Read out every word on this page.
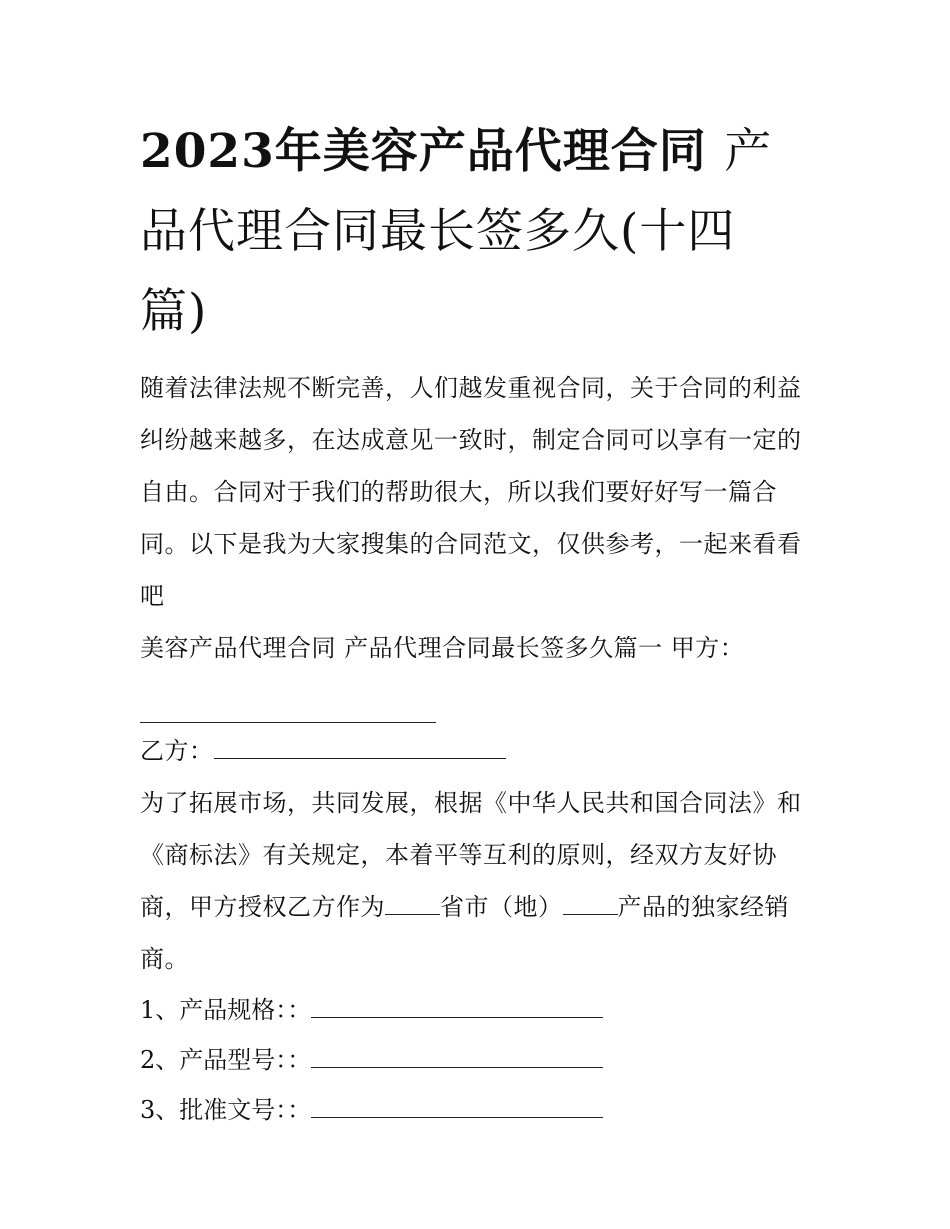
2023年美容产品代理合同 产品代理合同最长签多久(十四篇)

随着法律法规不断完善，人们越发重视合同，关于合同的利益纠纷越来越多，在达成意见一致时，制定合同可以享有一定的自由。合同对于我们的帮助很大，所以我们要好好写一篇合同。以下是我为大家搜集的合同范文，仅供参考，一起来看看吧

美容产品代理合同 产品代理合同最长签多久篇一 甲方：

乙方：

为了拓展市场，共同发展，根据《中华人民共和国合同法》和《商标法》有关规定，本着平等互利的原则，经双方友好协商，甲方授权乙方作为 省市（地） 产品的独家经销商。

1、产品规格：：

2、产品型号：：

3、批准文号：：
